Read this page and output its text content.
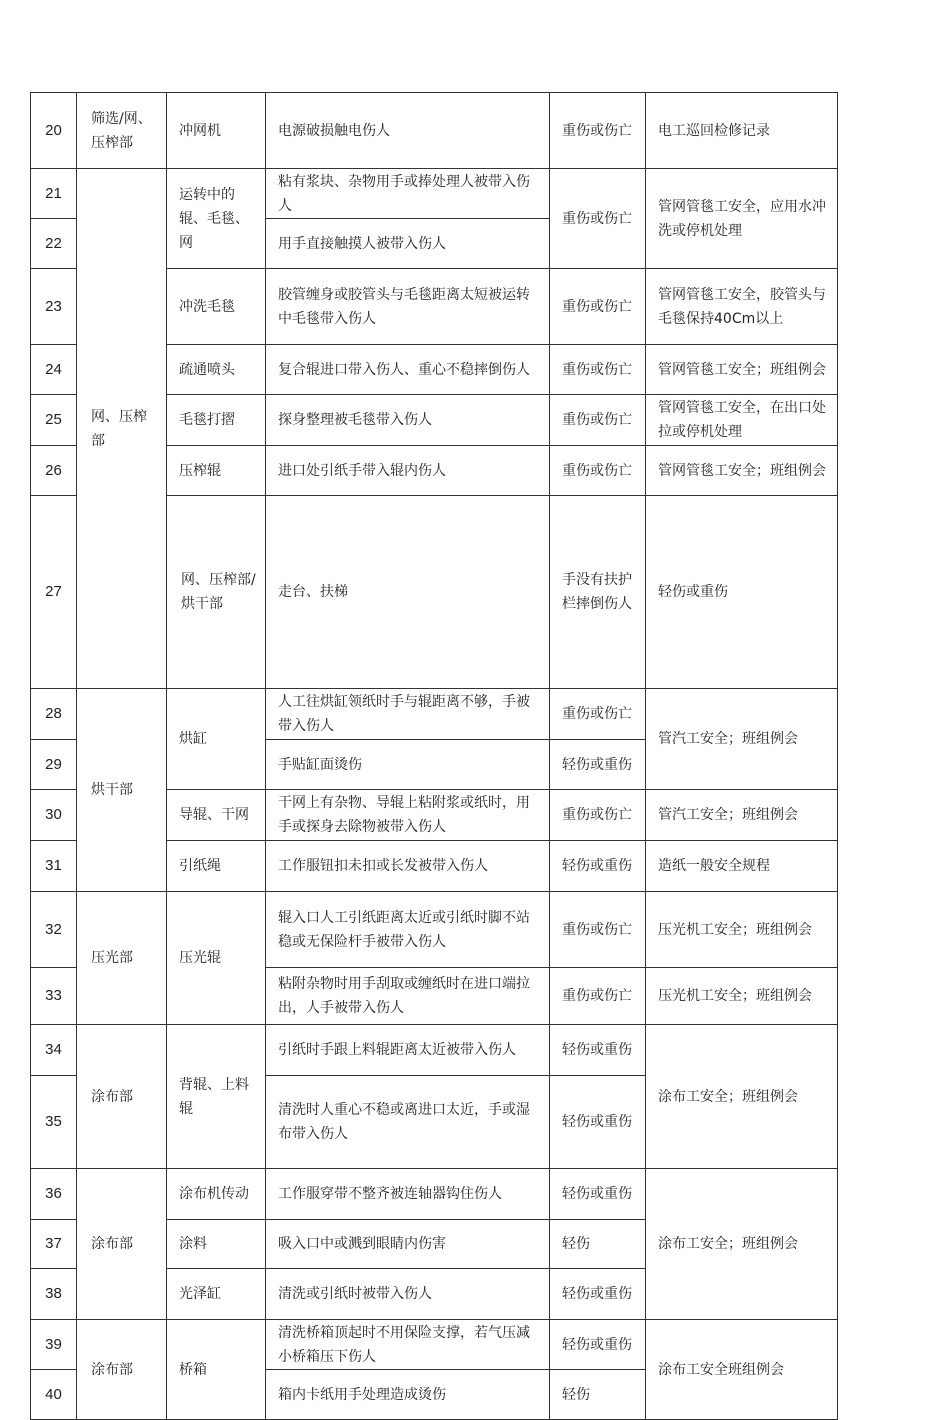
20	筛选/网、压榨部	冲网机	电源破损触电伤人	重伤或伤亡	电工巡回检修记录	
21	网、压榨部	运转中的辊、毛毯、网	粘有浆块、杂物用手或捧处理人被带入伤人	重伤或伤亡	管网管毯工安全，应用水冲洗或停机处理	
22			用手直接触摸人被带入伤人			
23		冲洗毛毯	胶管缠身或胶管头与毛毯距离太短被运转中毛毯带入伤人	重伤或伤亡	管网管毯工安全，胶管头与毛毯保持40Cm以上	
24		疏通喷头	复合辊进口带入伤人、重心不稳摔倒伤人	重伤或伤亡	管网管毯工安全；班组例会	
25		毛毯打摺	探身整理被毛毯带入伤人	重伤或伤亡	管网管毯工安全，在出口处拉或停机处理	
26		压榨辊	进口处引纸手带入辊内伤人	重伤或伤亡	管网管毯工安全；班组例会	
27		网、压榨部/烘干部	走台、扶梯	手没有扶护栏摔倒伤人	轻伤或重伤	
28	烘干部	烘缸	人工往烘缸领纸时手与辊距离不够，手被带入伤人	重伤或伤亡	管汽工安全；班组例会	
29			手贴缸面烫伤	轻伤或重伤		
30		导辊、干网	干网上有杂物、导辊上粘附浆或纸时，用手或探身去除物被带入伤人	重伤或伤亡	管汽工安全；班组例会	
31		引纸绳	工作服钮扣未扣或长发被带入伤人	轻伤或重伤	造纸一般安全规程	
32	压光部	压光辊	辊入口人工引纸距离太近或引纸时脚不站稳或无保险杆手被带入伤人	重伤或伤亡	压光机工安全；班组例会	
33			粘附杂物时用手刮取或缠纸时在进口端拉出，人手被带入伤人	重伤或伤亡	压光机工安全；班组例会	
34	涂布部	背辊、上料辊	引纸时手跟上料辊距离太近被带入伤人	轻伤或重伤	涂布工安全；班组例会	
35			清洗时人重心不稳或离进口太近，手或湿布带入伤人	轻伤或重伤		
36	涂布部	涂布机传动	工作服穿带不整齐被连轴器钩住伤人	轻伤或重伤	涂布工安全；班组例会	
37		涂料	吸入口中或溅到眼睛内伤害	轻伤		
38		光泽缸	清洗或引纸时被带入伤人	轻伤或重伤		
39	涂布部	桥箱	清洗桥箱顶起时不用保险支撑，若气压减小桥箱压下伤人	轻伤或重伤	涂布工安全班组例会	
40			箱内卡纸用手处理造成烫伤	轻伤		
